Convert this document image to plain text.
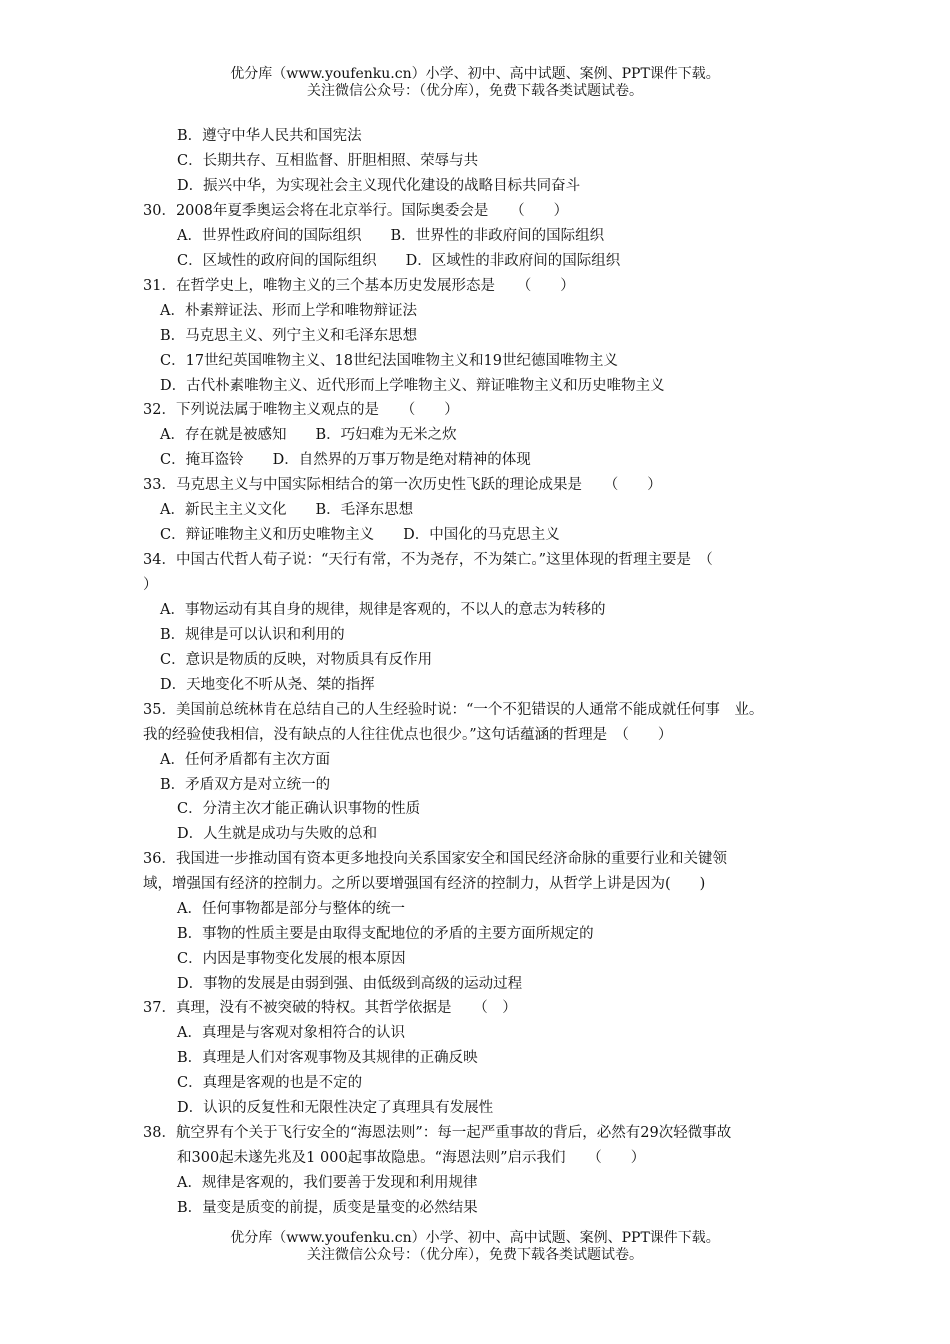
优分库（www.youfenku.cn）小学、初中、高中试题、案例、PPT课件下载。
关注微信公众号：（优分库），免费下载各类试题试卷。
B．遵守中华人民共和国宪法
C．长期共存、互相监督、肝胆相照、荣辱与共
D．振兴中华，为实现社会主义现代化建设的战略目标共同奋斗
30．2008年夏季奥运会将在北京举行。国际奥委会是　　（　　）
A．世界性政府间的国际组织　　B．世界性的非政府间的国际组织
C．区域性的政府间的国际组织　　D．区域性的非政府间的国际组织
31．在哲学史上，唯物主义的三个基本历史发展形态是　　（　　）
A．朴素辩证法、形而上学和唯物辩证法
B．马克思主义、列宁主义和毛泽东思想
C．17世纪英国唯物主义、18世纪法国唯物主义和19世纪德国唯物主义
D．古代朴素唯物主义、近代形而上学唯物主义、辩证唯物主义和历史唯物主义
32．下列说法属于唯物主义观点的是　　（　　）
A．存在就是被感知　　B．巧妇难为无米之炊
C．掩耳盗铃　　D．自然界的万事万物是绝对精神的体现
33．马克思主义与中国实际相结合的第一次历史性飞跃的理论成果是　　（　　）
A．新民主主义文化　　B．毛泽东思想
C．辩证唯物主义和历史唯物主义　　D．中国化的马克思主义
34．中国古代哲人荀子说：“天行有常，不为尧存，不为桀亡。”这里体现的哲理主要是　（
）
A．事物运动有其自身的规律，规律是客观的，不以人的意志为转移的
B．规律是可以认识和利用的
C．意识是物质的反映，对物质具有反作用
D．天地变化不听从尧、桀的指挥
35．美国前总统林肯在总结自己的人生经验时说：“一个不犯错误的人通常不能成就任何事　业。
我的经验使我相信，没有缺点的人往往优点也很少。”这句话蕴涵的哲理是　（　　）
A．任何矛盾都有主次方面
B．矛盾双方是对立统一的
C．分清主次才能正确认识事物的性质
D．人生就是成功与失败的总和
36．我国进一步推动国有资本更多地投向关系国家安全和国民经济命脉的重要行业和关键领
域，增强国有经济的控制力。之所以要增强国有经济的控制力，从哲学上讲是因为(　　)
A．任何事物都是部分与整体的统一
B．事物的性质主要是由取得支配地位的矛盾的主要方面所规定的
C．内因是事物变化发展的根本原因
D．事物的发展是由弱到强、由低级到高级的运动过程
37．真理，没有不被突破的特权。其哲学依据是　　（　）
A．真理是与客观对象相符合的认识
B．真理是人们对客观事物及其规律的正确反映
C．真理是客观的也是不定的
D．认识的反复性和无限性决定了真理具有发展性
38．航空界有个关于飞行安全的“海恩法则”：每一起严重事故的背后，必然有29次轻微事故
和300起未遂先兆及1 000起事故隐患。“海恩法则”启示我们　　（　　）
A．规律是客观的，我们要善于发现和利用规律
B．量变是质变的前提，质变是量变的必然结果
优分库（www.youfenku.cn）小学、初中、高中试题、案例、PPT课件下载。
关注微信公众号：（优分库），免费下载各类试题试卷。
